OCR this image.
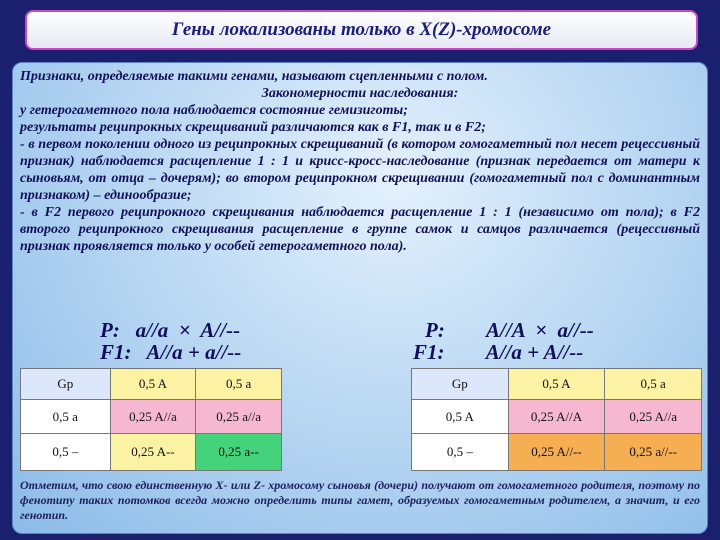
Гены локализованы только в X(Z)-хромосоме

Признаки, определяемые такими генами, называют сцепленными с полом.

Закономерности наследования:

у гетерогаметного пола наблюдается состояние гемизиготы;

результаты реципрокных скрещиваний различаются как в F1, так и в F2;

- в первом поколении одного из реципрокных скрещиваний (в котором гомогаметный пол несет рецессивный признак) наблюдается расщепление 1 : 1 и крисс-кросс-наследование (признак передается от матери к сыновьям, от отца – дочерям); во втором реципрокном скрещивании (гомогаметный пол с доминантным признаком) – единообразие;

- в F2 первого реципрокного скрещивания наблюдается расщепление 1 : 1 (независимо от пола); в F2 второго реципрокного скрещивания расщепление в группе самок и самцов различается (рецессивный признак проявляется только у особей гетерогаметного пола).

P:   a//a  ×  A//--
F1:   A//a + a//--
P:        A//A  ×  a//--
F1:        A//a + A//--
Gp	0,5 A	0,5 a
0,5 a	0,25 A//a	0,25 a//a
0,5 –	0,25 A--	0,25 a--
Gp	0,5 A	0,5 a
0,5 A	0,25 A//A	0,25 A//a
0,5 –	0,25 A//--	0,25 a//--
Отметим, что свою единственную X- или Z- хромосому сыновья (дочери) получают от гомогаметного родителя, поэтому по фенотипу таких потомков всегда можно определить типы гамет, образуемых гомогаметным родителем, а значит, и его генотип.
